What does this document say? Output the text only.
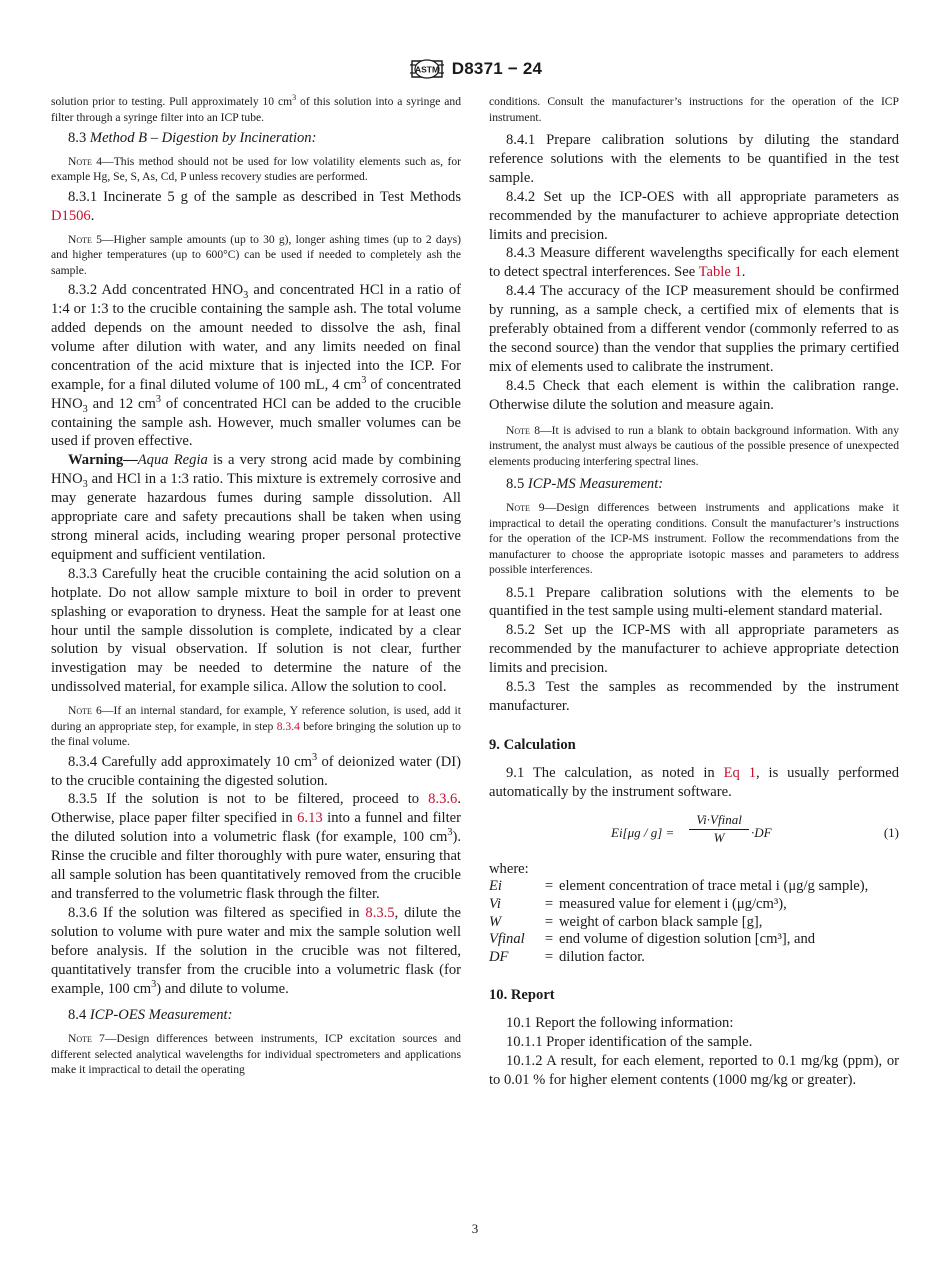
ASTM D8371 − 24

solution prior to testing. Pull approximately 10 $cm^3$ of this solution into a syringe and filter through a syringe filter into an ICP tube.

8.3 Method B – Digestion by Incineration:

Note 4—This method should not be used for low volatility elements such as, for example Hg, Se, S, As, Cd, P unless recovery studies are performed.

8.3.1 Incinerate 5 g of the sample as described in Test Methods D1506.

Note 5—Higher sample amounts (up to 30 g), longer ashing times (up to 2 days) and higher temperatures (up to 600°C) can be used if needed to completely ash the sample.

8.3.2 Add concentrated $HNO_3$ and concentrated HCl in a ratio of 1:4 or 1:3 to the crucible containing the sample ash. The total volume added depends on the amount needed to dissolve the ash, final volume after dilution with water, and any limits needed on final concentration of the acid mixture that is injected into the ICP. For example, for a final diluted volume of 100 mL, 4 $cm^3$ of concentrated $HNO_3$ and 12 $cm^3$ of concentrated HCl can be added to the crucible containing the sample ash. However, much smaller volumes can be used if proven effective.

Warning—Aqua Regia is a very strong acid made by combining $HNO_3$ and HCl in a 1:3 ratio. This mixture is extremely corrosive and may generate hazardous fumes during sample dissolution. All appropriate care and safety precautions shall be taken when using strong mineral acids, including wearing proper personal protective equipment and sufficient ventilation.

8.3.3 Carefully heat the crucible containing the acid solution on a hotplate. Do not allow sample mixture to boil in order to prevent splashing or evaporation to dryness. Heat the sample for at least one hour until the sample dissolution is complete, indicated by a clear solution by visual observation. If solution is not clear, further investigation may be needed to determine the nature of the undissolved material, for example silica. Allow the solution to cool.

Note 6—If an internal standard, for example, Y reference solution, is used, add it during an appropriate step, for example, in step 8.3.4 before bringing the solution up to the final volume.

8.3.4 Carefully add approximately 10 $cm^3$ of deionized water (DI) to the crucible containing the digested solution.

8.3.5 If the solution is not to be filtered, proceed to 8.3.6. Otherwise, place paper filter specified in 6.13 into a funnel and filter the diluted solution into a volumetric flask (for example, 100 $cm^3$). Rinse the crucible and filter thoroughly with pure water, ensuring that all sample solution has been quantitatively removed from the crucible and transferred to the volumetric flask through the filter.

8.3.6 If the solution was filtered as specified in 8.3.5, dilute the solution to volume with pure water and mix the sample solution well before analysis. If the solution in the crucible was not filtered, quantitatively transfer from the crucible into a volumetric flask (for example, 100 $cm^3$) and dilute to volume.

8.4 ICP-OES Measurement:

Note 7—Design differences between instruments, ICP excitation sources and different selected analytical wavelengths for individual spectrometers and applications make it impractical to detail the operating

conditions. Consult the manufacturer’s instructions for the operation of the ICP instrument.

8.4.1 Prepare calibration solutions by diluting the standard reference solutions with the elements to be quantified in the test sample.

8.4.2 Set up the ICP-OES with all appropriate parameters as recommended by the manufacturer to achieve appropriate detection limits and precision.

8.4.3 Measure different wavelengths specifically for each element to detect spectral interferences. See Table 1.

8.4.4 The accuracy of the ICP measurement should be confirmed by running, as a sample check, a certified mix of elements that is preferably obtained from a different vendor (commonly referred to as the second source) than the vendor that supplies the primary certified mix of elements used to calibrate the instrument.

8.4.5 Check that each element is within the calibration range. Otherwise dilute the solution and measure again.

Note 8—It is advised to run a blank to obtain background information. With any instrument, the analyst must always be cautious of the possible presence of unexpected elements producing interfering spectral lines.

8.5 ICP-MS Measurement:

Note 9—Design differences between instruments and applications make it impractical to detail the operating conditions. Consult the manufacturer’s instructions for the operation of the ICP-MS instrument. Follow the recommendations from the manufacturer to choose the appropriate isotopic masses and parameters to address possible interferences.

8.5.1 Prepare calibration solutions with the elements to be quantified in the test sample using multi-element standard material.

8.5.2 Set up the ICP-MS with all appropriate parameters as recommended by the manufacturer to achieve appropriate detection limits and precision.

8.5.3 Test the samples as recommended by the instrument manufacturer.

9. Calculation

9.1 The calculation, as noted in Eq 1, is usually performed automatically by the instrument software.

Ei[μg / g] =
Vi·Vfinal
W	·DF	(1)

where:

Ei	=	element concentration of trace metal i (μg/g sample),
Vi	=	measured value for element i (μg/cm³),
W	=	weight of carbon black sample [g],
Vfinal	=	end volume of digestion solution [cm³], and
DF	=	dilution factor.

10. Report

10.1 Report the following information:

10.1.1 Proper identification of the sample.

10.1.2 A result, for each element, reported to 0.1 mg/kg (ppm), or to 0.01 % for higher element contents (1000 mg/kg or greater).

3
